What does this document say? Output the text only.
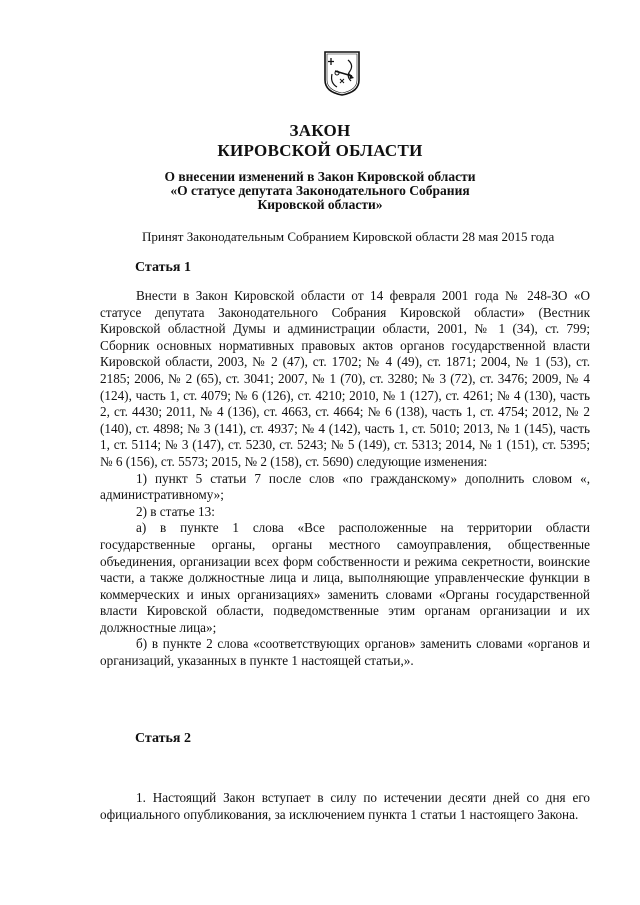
ЗАКОН
КИРОВСКОЙ ОБЛАСТИ
О внесении изменений в Закон Кировской области
«О статусе депутата Законодательного Собрания
Кировской области»
Принят Законодательным Собранием Кировской области 28 мая 2015 года
Статья 1

Внести в Закон Кировской области от 14 февраля 2001 года № 248-ЗО «О статусе депутата Законодательного Собрания Кировской области» (Вестник Кировской областной Думы и администрации области, 2001, № 1 (34), ст. 799; Сборник основных нормативных правовых актов органов государственной власти Кировской области, 2003, № 2 (47), ст. 1702; № 4 (49), ст. 1871; 2004, № 1 (53), ст. 2185; 2006, № 2 (65), ст. 3041; 2007, № 1 (70), ст. 3280; № 3 (72), ст. 3476; 2009, № 4 (124), часть 1, ст. 4079; № 6 (126), ст. 4210; 2010, № 1 (127), ст. 4261; № 4 (130), часть 2, ст. 4430; 2011, № 4 (136), ст. 4663, ст. 4664; № 6 (138), часть 1, ст. 4754; 2012, № 2 (140), ст. 4898; № 3 (141), ст. 4937; № 4 (142), часть 1, ст. 5010; 2013, № 1 (145), часть 1, ст. 5114; № 3 (147), ст. 5230, ст. 5243; № 5 (149), ст. 5313; 2014, № 1 (151), ст. 5395; № 6 (156), ст. 5573; 2015, № 2 (158), ст. 5690) следующие изменения:

1) пункт 5 статьи 7 после слов «по гражданскому» дополнить словом «, административному»;

2) в статье 13:

а) в пункте 1 слова «Все расположенные на территории области государственные органы, органы местного самоуправления, общественные объединения, организации всех форм собственности и режима секретности, воинские части, а также должностные лица и лица, выполняющие управленческие функции в коммерческих и иных организациях» заменить словами «Органы государственной власти Кировской области, подведомственные этим органам организации и их должностные лица»;

б) в пункте 2 слова «соответствующих органов» заменить словами «органов и организаций, указанных в пункте 1 настоящей статьи,».

Статья 2

1. Настоящий Закон вступает в силу по истечении десяти дней со дня его официального опубликования, за исключением пункта 1 статьи 1 настоящего Закона.
